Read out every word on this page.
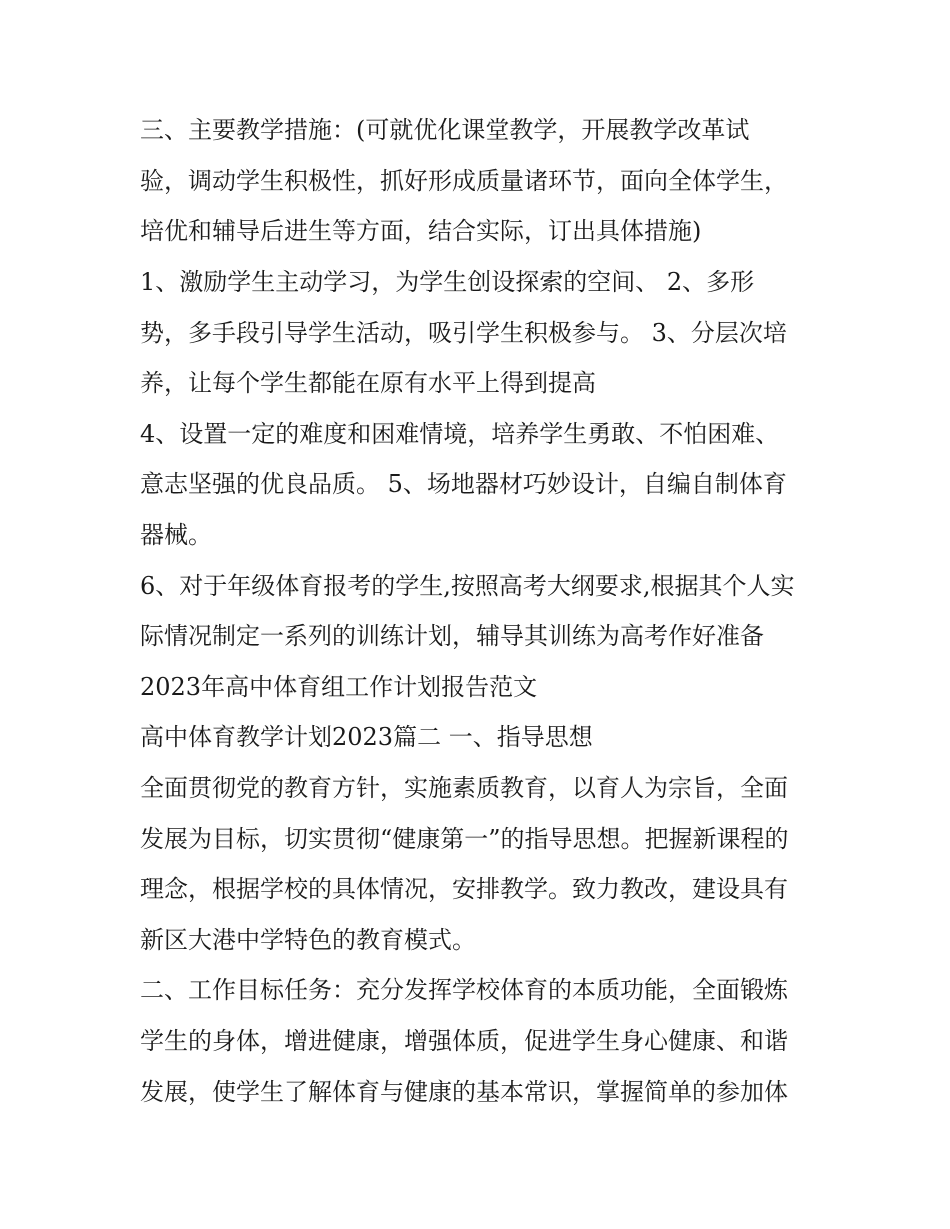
三、主要教学措施：(可就优化课堂教学，开展教学改革试

验，调动学生积极性，抓好形成质量诸环节，面向全体学生，

培优和辅导后进生等方面，结合实际，订出具体措施)

1、激励学生主动学习，为学生创设探索的空间、 2、多形

势，多手段引导学生活动，吸引学生积极参与。 3、分层次培

养，让每个学生都能在原有水平上得到提高

4、设置一定的难度和困难情境，培养学生勇敢、不怕困难、

意志坚强的优良品质。 5、场地器材巧妙设计，自编自制体育

器械。

6、对于年级体育报考的学生,按照高考大纲要求,根据其个人实

际情况制定一系列的训练计划，辅导其训练为高考作好准备

2023年高中体育组工作计划报告范文

高中体育教学计划2023篇二 一、指导思想

全面贯彻党的教育方针，实施素质教育，以育人为宗旨，全面

发展为目标，切实贯彻“健康第一”的指导思想。把握新课程的

理念，根据学校的具体情况，安排教学。致力教改，建设具有

新区大港中学特色的教育模式。

二、工作目标任务：充分发挥学校体育的本质功能，全面锻炼

学生的身体，增进健康，增强体质，促进学生身心健康、和谐

发展，使学生了解体育与健康的基本常识，掌握简单的参加体
